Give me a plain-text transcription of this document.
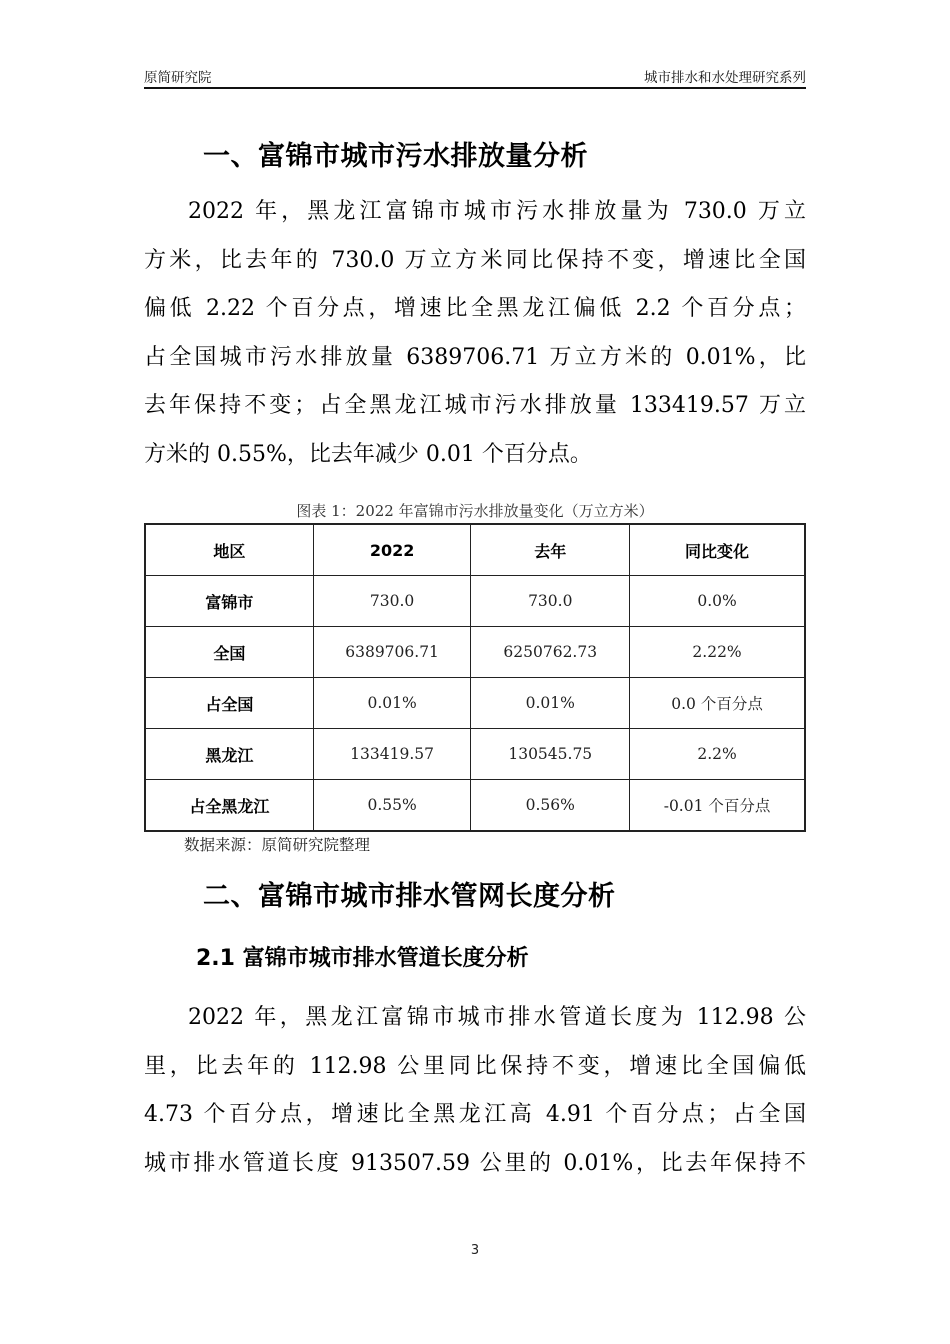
原简研究院	城市排水和水处理研究系列
一、富锦市城市污水排放量分析
2022 年，黑龙江富锦市城市污水排放量为 730.0 万立
方米，比去年的 730.0 万立方米同比保持不变，增速比全国
偏低 2.22 个百分点，增速比全黑龙江偏低 2.2 个百分点；
占全国城市污水排放量 6389706.71 万立方米的 0.01%，比
去年保持不变；占全黑龙江城市污水排放量 133419.57 万立
方米的 0.55%，比去年减少 0.01 个百分点。
图表 1：2022 年富锦市污水排放量变化（万立方米）
地区	2022	去年	同比变化
富锦市	730.0	730.0	0.0%
全国	6389706.71	6250762.73	2.22%
占全国	0.01%	0.01%	0.0 个百分点
黑龙江	133419.57	130545.75	2.2%
占全黑龙江	0.55%	0.56%	-0.01 个百分点
数据来源：原简研究院整理
二、富锦市城市排水管网长度分析
2.1 富锦市城市排水管道长度分析
2022 年，黑龙江富锦市城市排水管道长度为 112.98 公
里，比去年的 112.98 公里同比保持不变，增速比全国偏低
4.73 个百分点，增速比全黑龙江高 4.91 个百分点；占全国
城市排水管道长度 913507.59 公里的 0.01%，比去年保持不
3
